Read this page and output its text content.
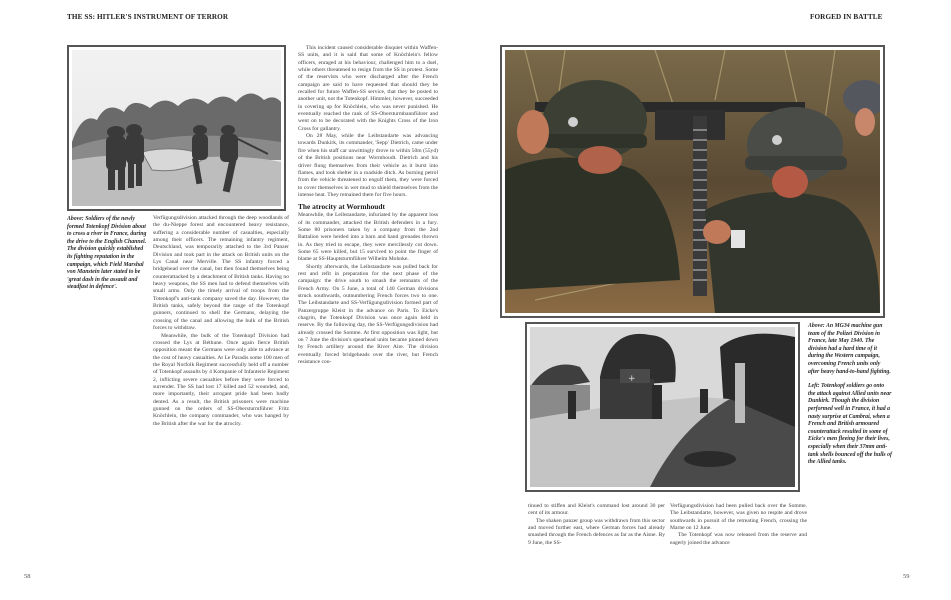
THE SS: HITLER'S INSTRUMENT OF TERROR

Above: Soldiers of the newly formed Totenkopf Division about to cross a river in France, during the drive to the English Channel. The division quickly established its fighting reputation in the campaign, which Field Marshal von Manstein later stated to be 'great dash in the assault and steadfast in defence'.

Verfügungsdivision attacked through the deep woodlands of the du-Nieppe forest and encountered heavy resistance, suffering a considerable number of casualties, especially among their officers. The remaining infantry regiment, Deutschland, was temporarily attached to the 3rd Panzer Division and took part in the attack on British units on the Lys Canal near Merville. The SS infantry forced a bridgehead over the canal, but then found themselves being counterattacked by a detachment of British tanks. Having no heavy weapons, the SS men had to defend themselves with small arms. Only the timely arrival of troops from the Totenkopf's anti-tank company saved the day. However, the British tanks, safely beyond the range of the Totenkopf gunners, continued to shell the Germans, delaying the crossing of the canal and allowing the bulk of the British forces to withdraw.

Meanwhile, the bulk of the Totenkopf Division had crossed the Lys at Béthune. Once again fierce British opposition meant the Germans were only able to advance at the cost of heavy casualties. At Le Paradis some 100 men of the Royal Norfolk Regiment successfully held off a number of Totenkopf assaults by 4 Kompanie of Infanterie Regiment 2, inflicting severe casualties before they were forced to surrender. The SS had lost 17 killed and 52 wounded, and, more importantly, their arrogant pride had been badly dented. As a result, the British prisoners were machine gunned on the orders of SS-Obersturmführer Fritz Knöchlein, the company commander, who was hanged by the British after the war for the atrocity.

This incident caused considerable disquiet within Waffen-SS units, and it is said that some of Knöchlein's fellow officers, enraged at his behaviour, challenged him to a duel, while others threatened to resign from the SS in protest. Some of the reservists who were discharged after the French campaign are said to have requested that should they be recalled for future Waffen-SS service, that they be posted to another unit, not the Totenkopf. Himmler, however, succeeded in covering up for Knöchlein, who was never punished. He eventually reached the rank of SS-Obersturmbannführer and went on to be decorated with the Knights Cross of the Iron Cross for gallantry.

On 28 May, while the Leibstandarte was advancing towards Dunkirk, its commander, 'Sepp' Dietrich, came under fire when his staff car unwittingly drove to within 50m (55yd) of the British positions near Wormhoudt. Dietrich and his driver flung themselves from their vehicle as it burst into flames, and took shelter in a roadside ditch. As burning petrol from the vehicle threatened to engulf them, they were forced to cover themselves in wet mud to shield themselves from the intense heat. They remained there for five hours.

The atrocity at Wormhoudt

Meanwhile, the Leibstandarte, infuriated by the apparent loss of its commander, attacked the British defenders in a fury. Some 80 prisoners taken by a company from the 2nd Battalion were herded into a barn and hand grenades thrown in. As they tried to escape, they were mercilessly cut down. Some 65 were killed, but 15 survived to point the finger of blame at SS-Hauptsturmführer Wilhelm Mohnke.

Shortly afterwards, the Leibstandarte was pulled back for rest and refit in preparation for the next phase of the campaign: the drive south to smash the remnants of the French Army. On 5 June, a total of 140 German divisions struck southwards, outnumbering French forces two to one. The Leibstandarte and SS-Verfügungsdivision formed part of Panzergruppe Kleist in the advance on Paris. To Eicke's chagrin, the Totenkopf Division was once again held in reserve. By the following day, the SS-Verfügungsdivision had already crossed the Somme. At first opposition was light, but on 7 June the division's spearhead units became pinned down by French artillery around the River Aire. The division eventually forced bridgeheads over the river, but French resistance con-

58
FORGED IN BATTLE
+

Above: An MG34 machine gun team of the Polizei Division in France, late May 1940. The division had a hard time of it during the Western campaign, overcoming French units only after heavy hand-to-hand fighting.

Left: Totenkopf soldiers go onto the attack against Allied units near Dunkirk. Though the division performed well in France, it had a nasty surprise at Cambrai, when a French and British armoured counterattack resulted in some of Eicke's men fleeing for their lives, especially when their 37mm anti-tank shells bounced off the hulls of the Allied tanks.

tinued to stiffen and Kleist's command lost around 30 per cent of its armour.

The shaken panzer group was withdrawn from this sector and moved further east, where German forces had already smashed through the French defences as far as the Aisne. By 9 June, the SS-

Verfügungsdivision had been pulled back over the Somme. The Leibstandarte, however, was given no respite and drove southwards in pursuit of the retreating French, crossing the Marne on 12 June.

The Totenkopf was now released from the reserve and eagerly joined the advance

59
